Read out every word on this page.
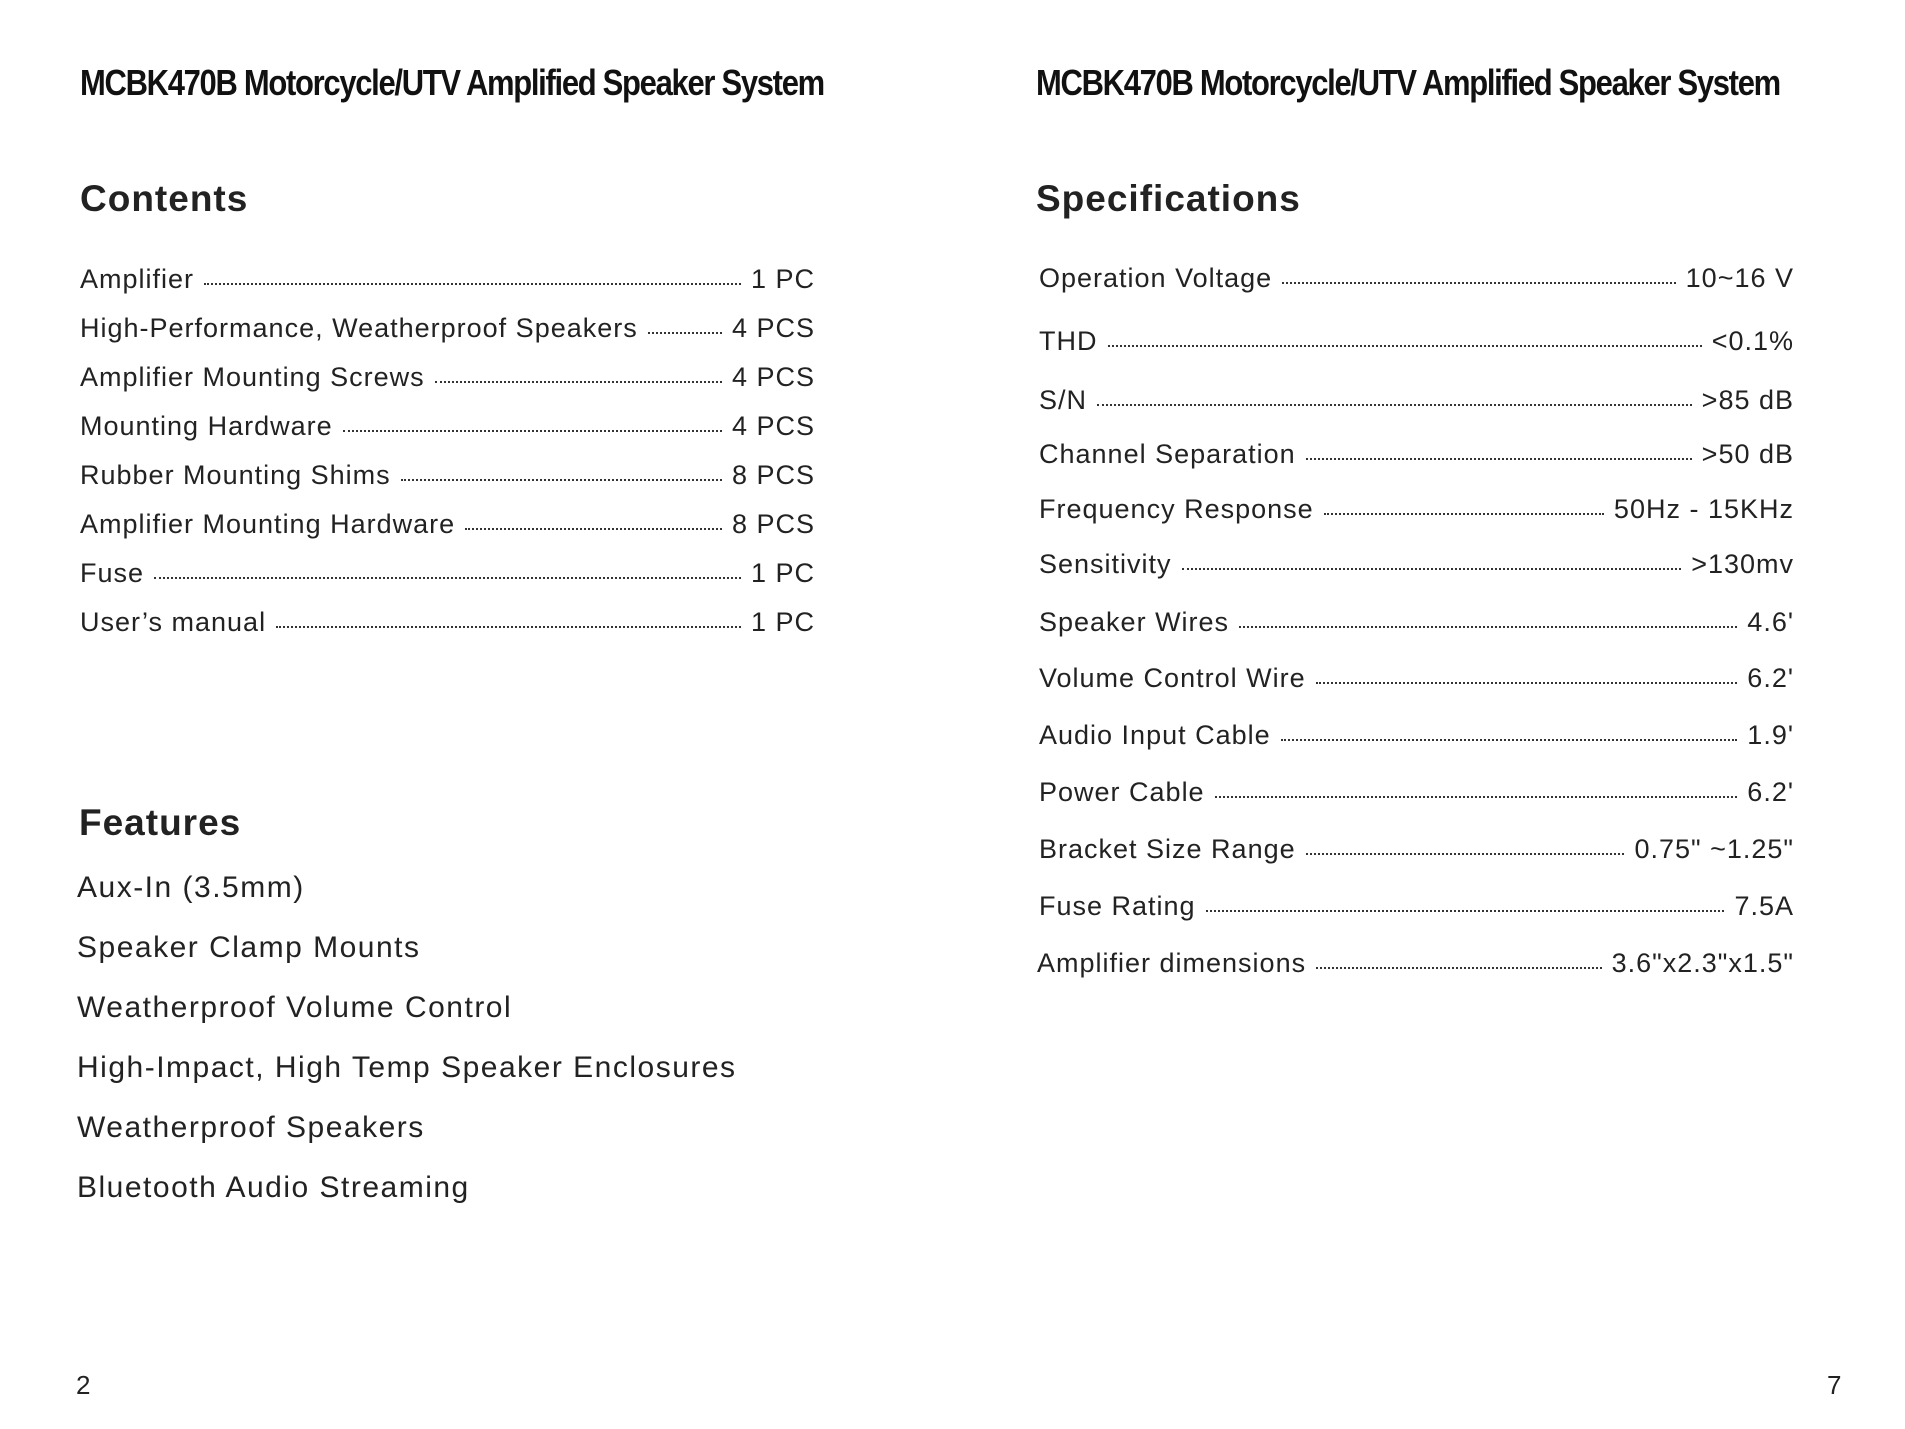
MCBK470B Motorcycle/UTV Amplified Speaker System
Contents
Amplifier	1 PC
High-Performance, Weatherproof Speakers	4 PCS
Amplifier Mounting Screws	4 PCS
Mounting Hardware	4 PCS
Rubber Mounting Shims	8 PCS
Amplifier Mounting Hardware	8 PCS
Fuse	1 PC
User’s manual	1 PC
Features
Aux-In (3.5mm)
Speaker Clamp Mounts
Weatherproof Volume Control
High-Impact, High Temp Speaker Enclosures
Weatherproof Speakers
Bluetooth Audio Streaming
2
MCBK470B Motorcycle/UTV Amplified Speaker System
Specifications
Operation Voltage	10~16 V
THD	<0.1%
S/N	>85 dB
Channel Separation	>50 dB
Frequency Response	50Hz - 15KHz
Sensitivity	>130mv
Speaker Wires	4.6'
Volume Control Wire	6.2'
Audio Input Cable	1.9'
Power Cable	6.2'
Bracket Size Range	0.75" ~1.25"
Fuse Rating	7.5A
Amplifier dimensions	3.6"x2.3"x1.5"
7
